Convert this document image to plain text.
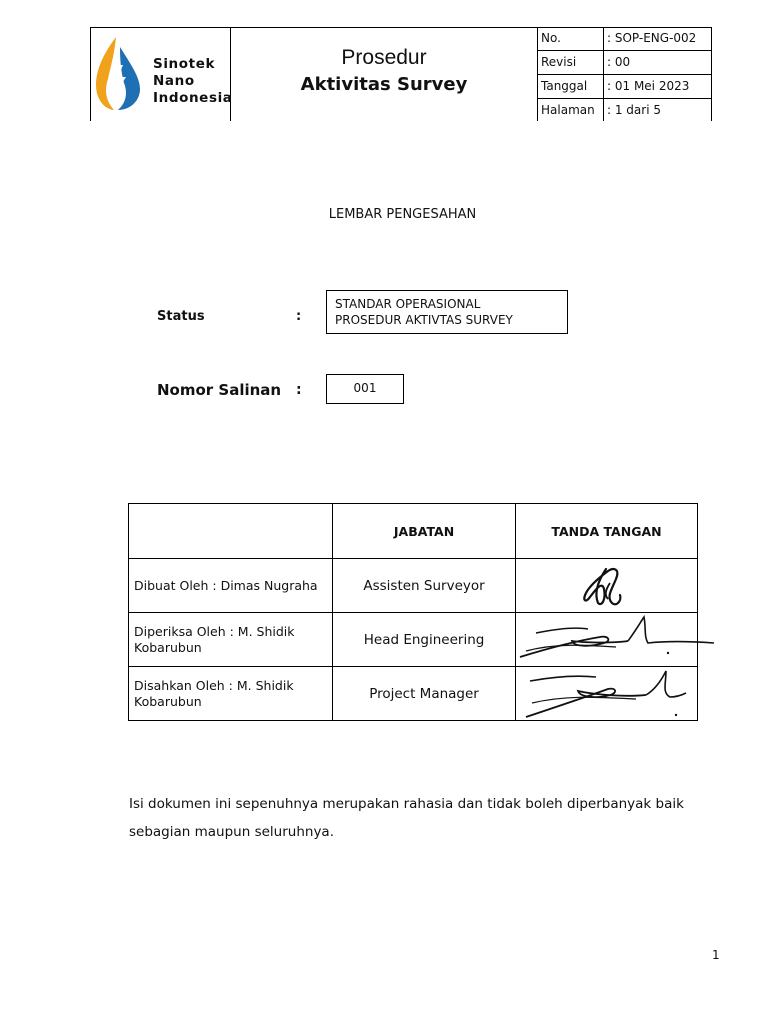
Sinotek
Nano
Indonesia
Prosedur
Aktivitas Survey
No.	: SOP-ENG-002
Revisi	: 00
Tanggal : 01 Mei 2023
Halaman : 1 dari 5
LEMBAR PENGESAHAN
Status	:
STANDAR OPERASIONAL
PROSEDUR AKTIVTAS SURVEY
Nomor Salinan :	001
	JABATAN	TANDA TANGAN

Dibuat Oleh : Dimas Nugraha	Assisten Surveyor	

Diperiksa Oleh : M. Shidik
Kobarubun	Head Engineering	

Disahkan Oleh : M. Shidik
Kobarubun	Project Manager	
Isi dokumen ini sepenuhnya merupakan rahasia dan tidak boleh diperbanyak baik
sebagian maupun seluruhnya.
1
